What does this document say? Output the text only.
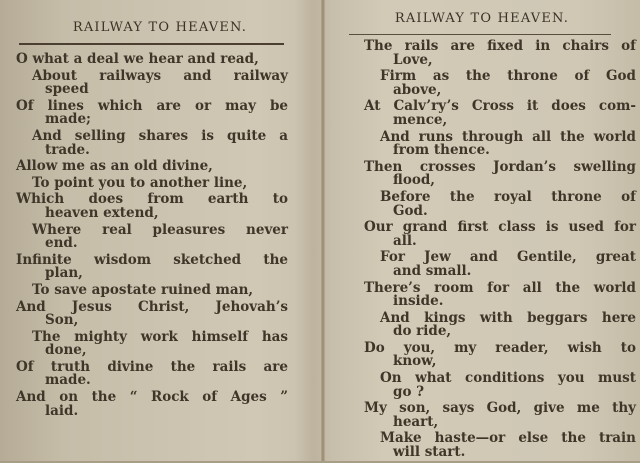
RAILWAY TO HEAVEN.
O what a deal we hear and read,
About railways and railway
speed
Of lines which are or may be
made;
And selling shares is quite a
trade.
Allow me as an old divine,
To point you to another line,
Which does from earth to
heaven extend,
Where real pleasures never
end.
Infinite wisdom sketched the
plan,
To save apostate ruined man,
And Jesus Christ, Jehovah’s
Son,
The mighty work himself has
done,
Of truth divine the rails are
made.
And on the “ Rock of Ages ”
laid.
RAILWAY TO HEAVEN.
The rails are fixed in chairs of
Love,
Firm as the throne of God
above,
At Calv’ry’s Cross it does com-
mence,
And runs through all the world
from thence.
Then crosses Jordan’s swelling
flood,
Before the royal throne of
God.
Our grand first class is used for
all.
For Jew and Gentile, great
and small.
There’s room for all the world
inside.
And kings with beggars here
do ride,
Do you, my reader, wish to
know,
On what conditions you must
go ?
My son, says God, give me thy
heart,
Make haste—or else the train
will start.
